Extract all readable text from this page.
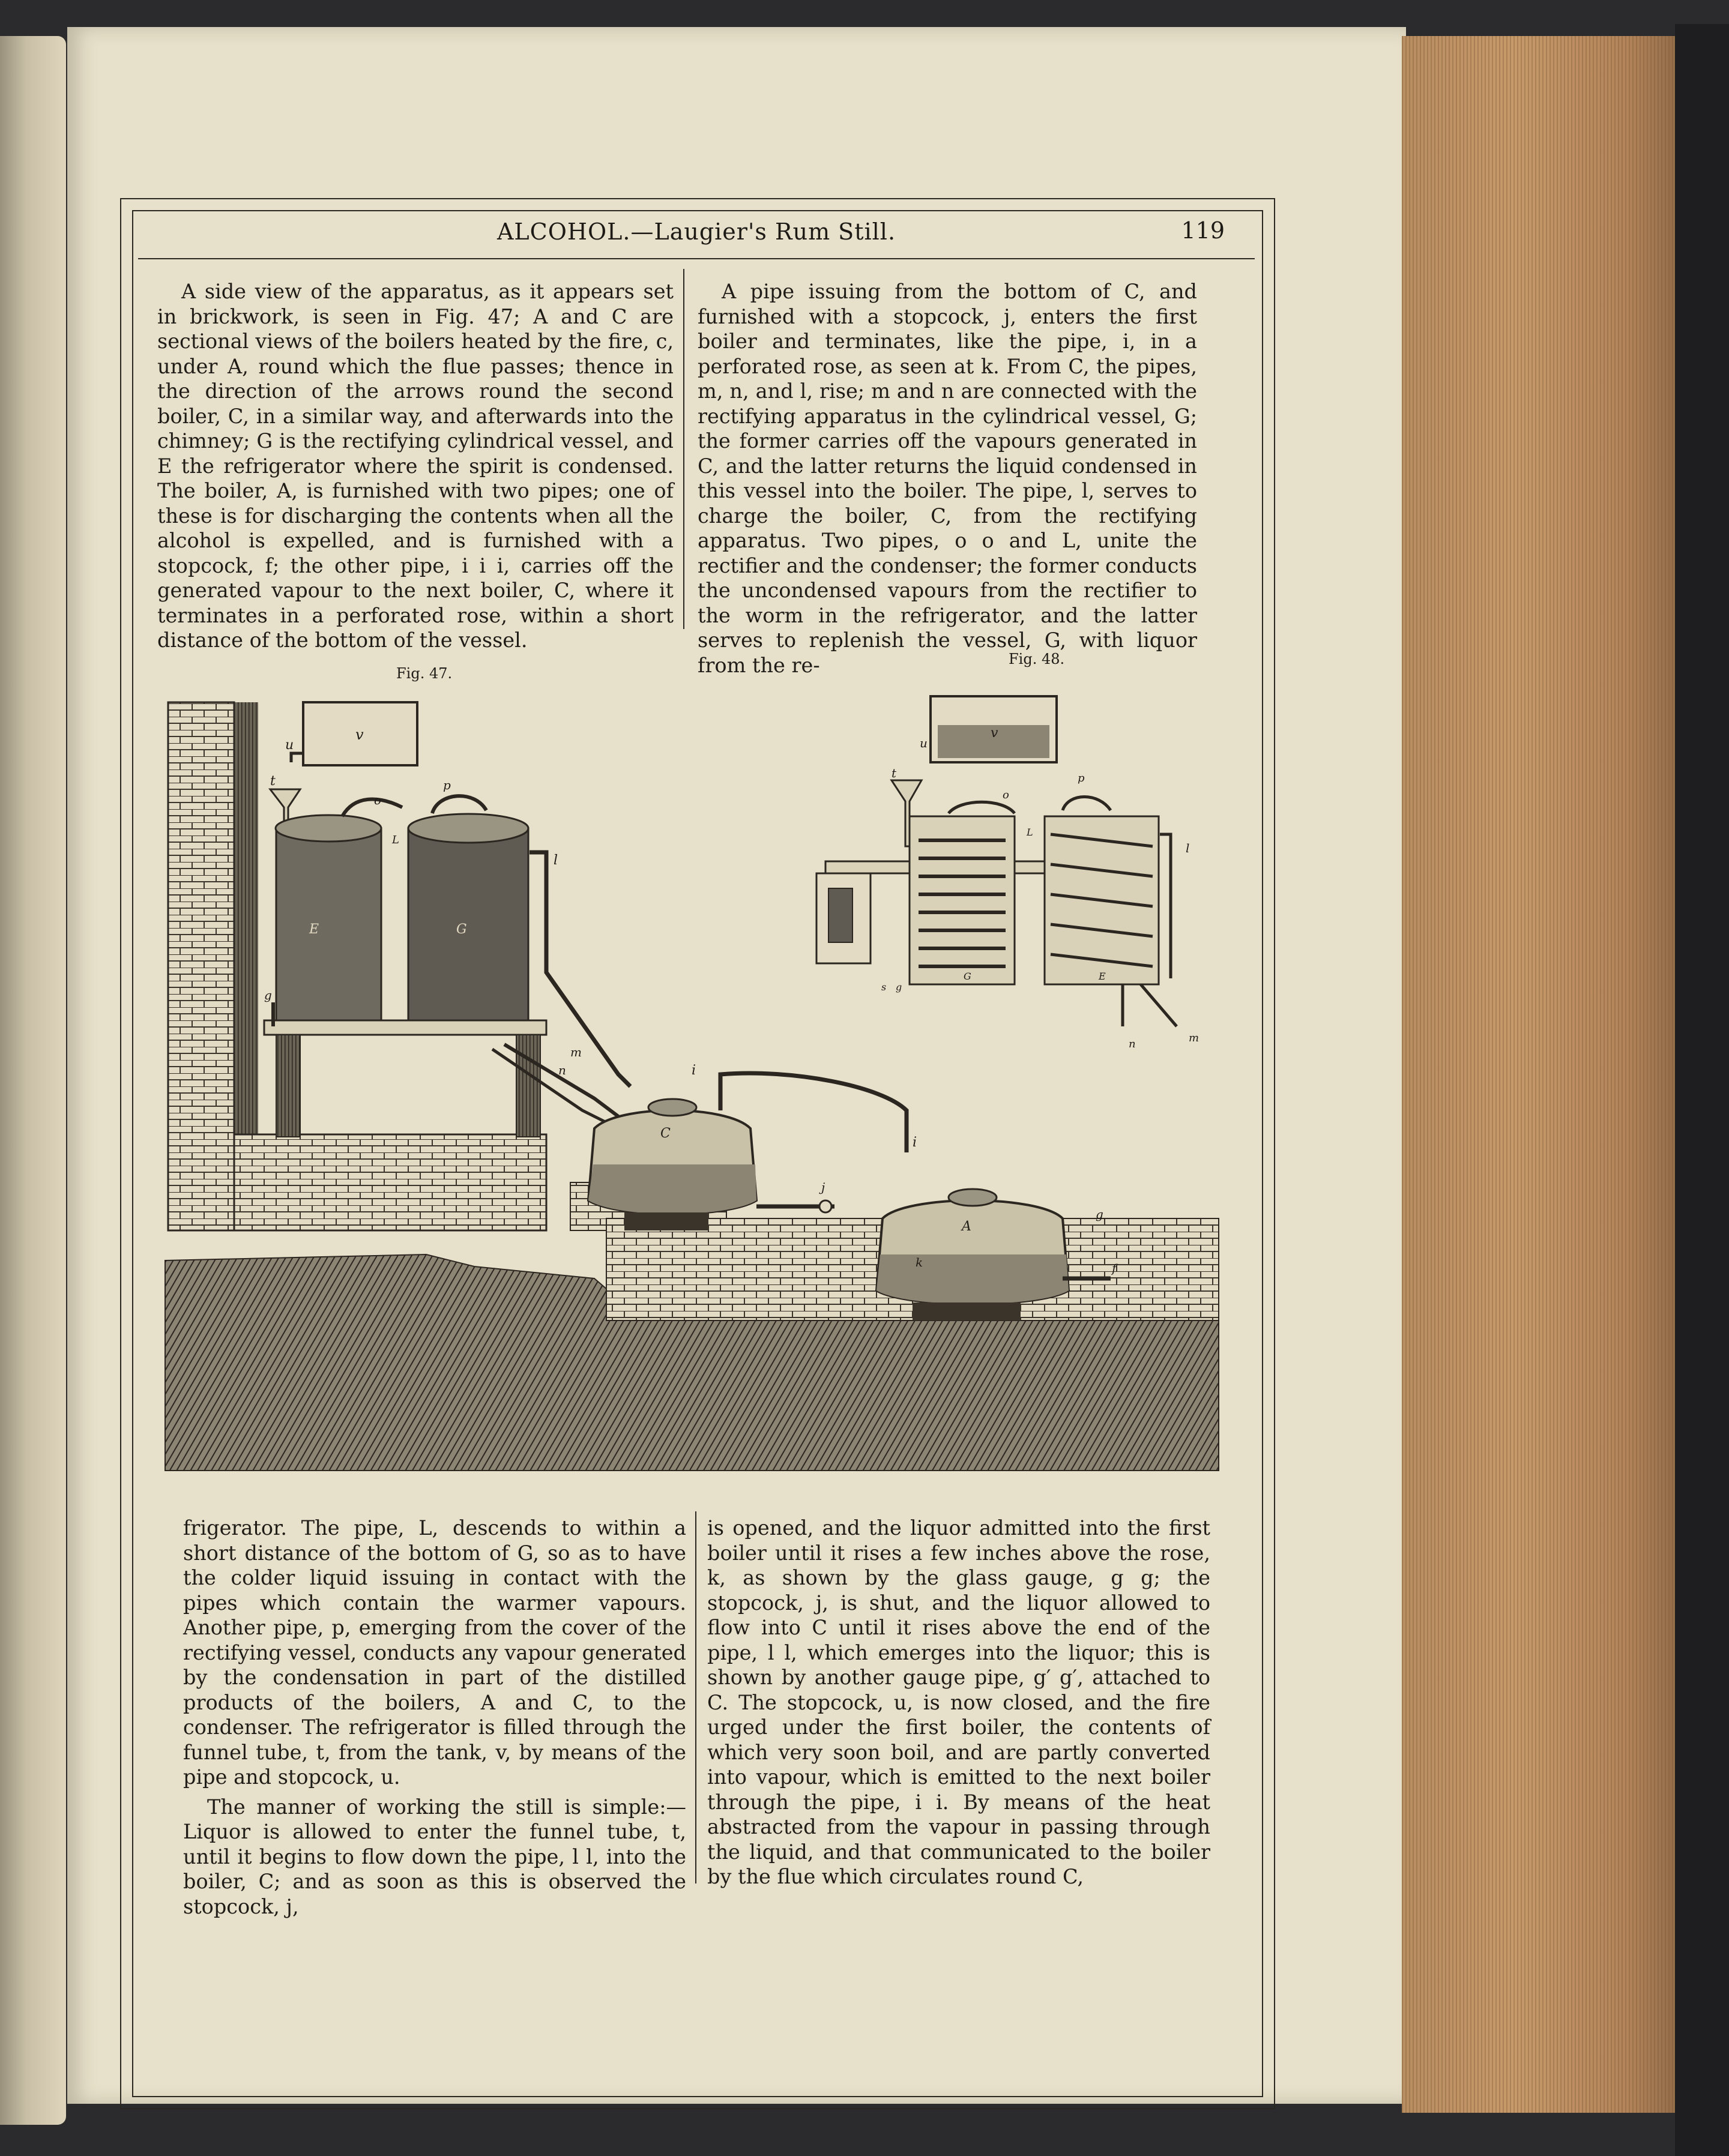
ALCOHOL.—Laugier's Rum Still.	119

A side view of the apparatus, as it appears set in brickwork, is seen in Fig. 47; A and C are sectional views of the boilers heated by the fire, c, under A, round which the flue passes; thence in the direction of the arrows round the second boiler, C, in a similar way, and afterwards into the chimney; G is the rectifying cylindrical vessel, and E the refrigerator where the spirit is condensed. The boiler, A, is furnished with two pipes; one of these is for discharging the contents when all the alcohol is expelled, and is furnished with a stopcock, f; the other pipe, i i i, carries off the generated vapour to the next boiler, C, where it terminates in a perforated rose, within a short distance of the bottom of the vessel.

A pipe issuing from the bottom of C, and furnished with a stopcock, j, enters the first boiler and terminates, like the pipe, i, in a perforated rose, as seen at k. From C, the pipes, m, n, and l, rise; m and n are connected with the rectifying apparatus in the cylindrical vessel, G; the former carries off the vapours generated in C, and the latter returns the liquid condensed in this vessel into the boiler. The pipe, l, serves to charge the boiler, C, from the rectifying apparatus. Two pipes, o o and L, unite the rectifier and the condenser; the former conducts the uncondensed vapours from the rectifier to the worm in the refrigerator, and the latter serves to replenish the vessel, G, with liquor from the re-

Fig. 47.
Fig. 48.
v
u
t
E	G
o
p
L
l
m
n
g
C
i
i
j
A
k	f
g
v
u
t
G	E
o
p
L
l
n	m
s g

frigerator. The pipe, L, descends to within a short distance of the bottom of G, so as to have the colder liquid issuing in contact with the pipes which contain the warmer vapours. Another pipe, p, emerging from the cover of the rectifying vessel, conducts any vapour generated by the condensation in part of the distilled products of the boilers, A and C, to the condenser. The refrigerator is filled through the funnel tube, t, from the tank, v, by means of the pipe and stopcock, u.

The manner of working the still is simple:— Liquor is allowed to enter the funnel tube, t, until it begins to flow down the pipe, l l, into the boiler, C; and as soon as this is observed the stopcock, j,

is opened, and the liquor admitted into the first boiler until it rises a few inches above the rose, k, as shown by the glass gauge, g g; the stopcock, j, is shut, and the liquor allowed to flow into C until it rises above the end of the pipe, l l, which emerges into the liquor; this is shown by another gauge pipe, g′ g′, attached to C. The stopcock, u, is now closed, and the fire urged under the first boiler, the contents of which very soon boil, and are partly converted into vapour, which is emitted to the next boiler through the pipe, i i. By means of the heat abstracted from the vapour in passing through the liquid, and that communicated to the boiler by the flue which circulates round C,
